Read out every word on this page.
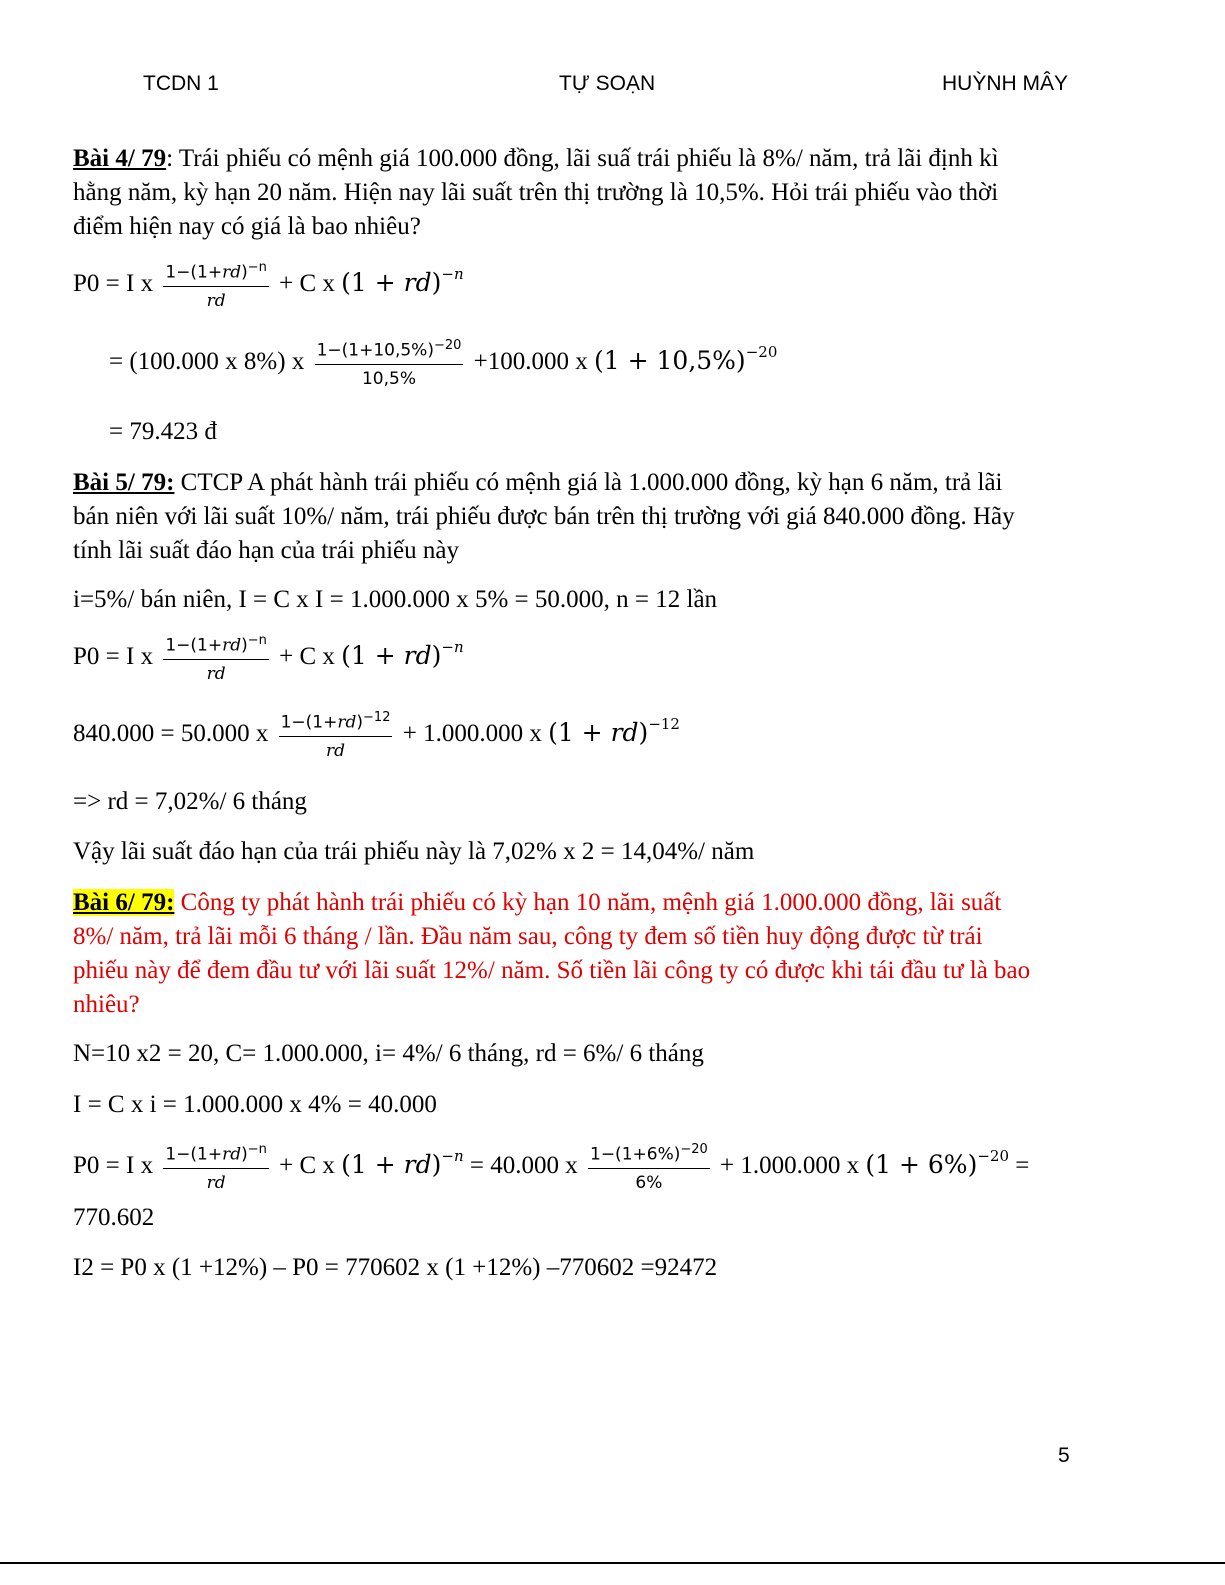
TCDN 1	TỰ SOẠN	HUỲNH MÂY
Bài 4/ 79: Trái phiếu có mệnh giá 100.000 đồng, lãi suấ trái phiếu là 8%/ năm, trả lãi định kì
hằng năm, kỳ hạn 20 năm. Hiện nay lãi suất trên thị trường là 10,5%. Hỏi trái phiếu vào thời
điểm hiện nay có giá là bao nhiêu?
P0 = I x $\frac{1-(1+rd)^{-n}}{rd} + C$ x (1 + rd)$^{-n}$
= (100.000 x 8%) x $\frac{1-(1+10,5\%)^{-20}}{10,5\%} +100.000$ x $(1 + 10,5\%)^{-20}$
= 79.423 đ
Bài 5/ 79: CTCP A phát hành trái phiếu có mệnh giá là 1.000.000 đồng, kỳ hạn 6 năm, trả lãi
bán niên với lãi suất 10%/ năm, trái phiếu được bán trên thị trường với giá 840.000 đồng. Hãy
tính lãi suất đáo hạn của trái phiếu này
i=5%/ bán niên, I = C x I = 1.000.000 x 5% = 50.000, n = 12 lần
P0 = I x $\frac{1-(1+rd)^{-n}}{rd} + C$ x (1 + rd)$^{-n}$
840.000 = 50.000 x $\frac{1-(1+rd)^{-12}}{rd} + 1.000.000$ x (1 + rd)$^{-12}$
=> rd = 7,02%/ 6 tháng
Vậy lãi suất đáo hạn của trái phiếu này là 7,02% x 2 = 14,04%/ năm
Bài 6/ 79: Công ty phát hành trái phiếu có kỳ hạn 10 năm, mệnh giá 1.000.000 đồng, lãi suất
8%/ năm, trả lãi mỗi 6 tháng / lần. Đầu năm sau, công ty đem số tiền huy động được từ trái
phiếu này để đem đầu tư với lãi suất 12%/ năm. Số tiền lãi công ty có được khi tái đầu tư là bao
nhiêu?
N=10 x2 = 20, C= 1.000.000, i= 4%/ 6 tháng, rd = 6%/ 6 tháng
I = C x i = 1.000.000 x 4% = 40.000
P0 = I x $\frac{1-(1+rd)^{-n}}{rd} + C$ x (1 + rd)$^{-n}$ = 40.000 x $\frac{1-(1+6\%)^{-20}}{6\%} + 1.000.000$ x $(1 + 6\%)^{-20}$ =
770.602
I2 = P0 x (1 +12%) – P0 = 770602 x (1 +12%) –770602 =92472
5
